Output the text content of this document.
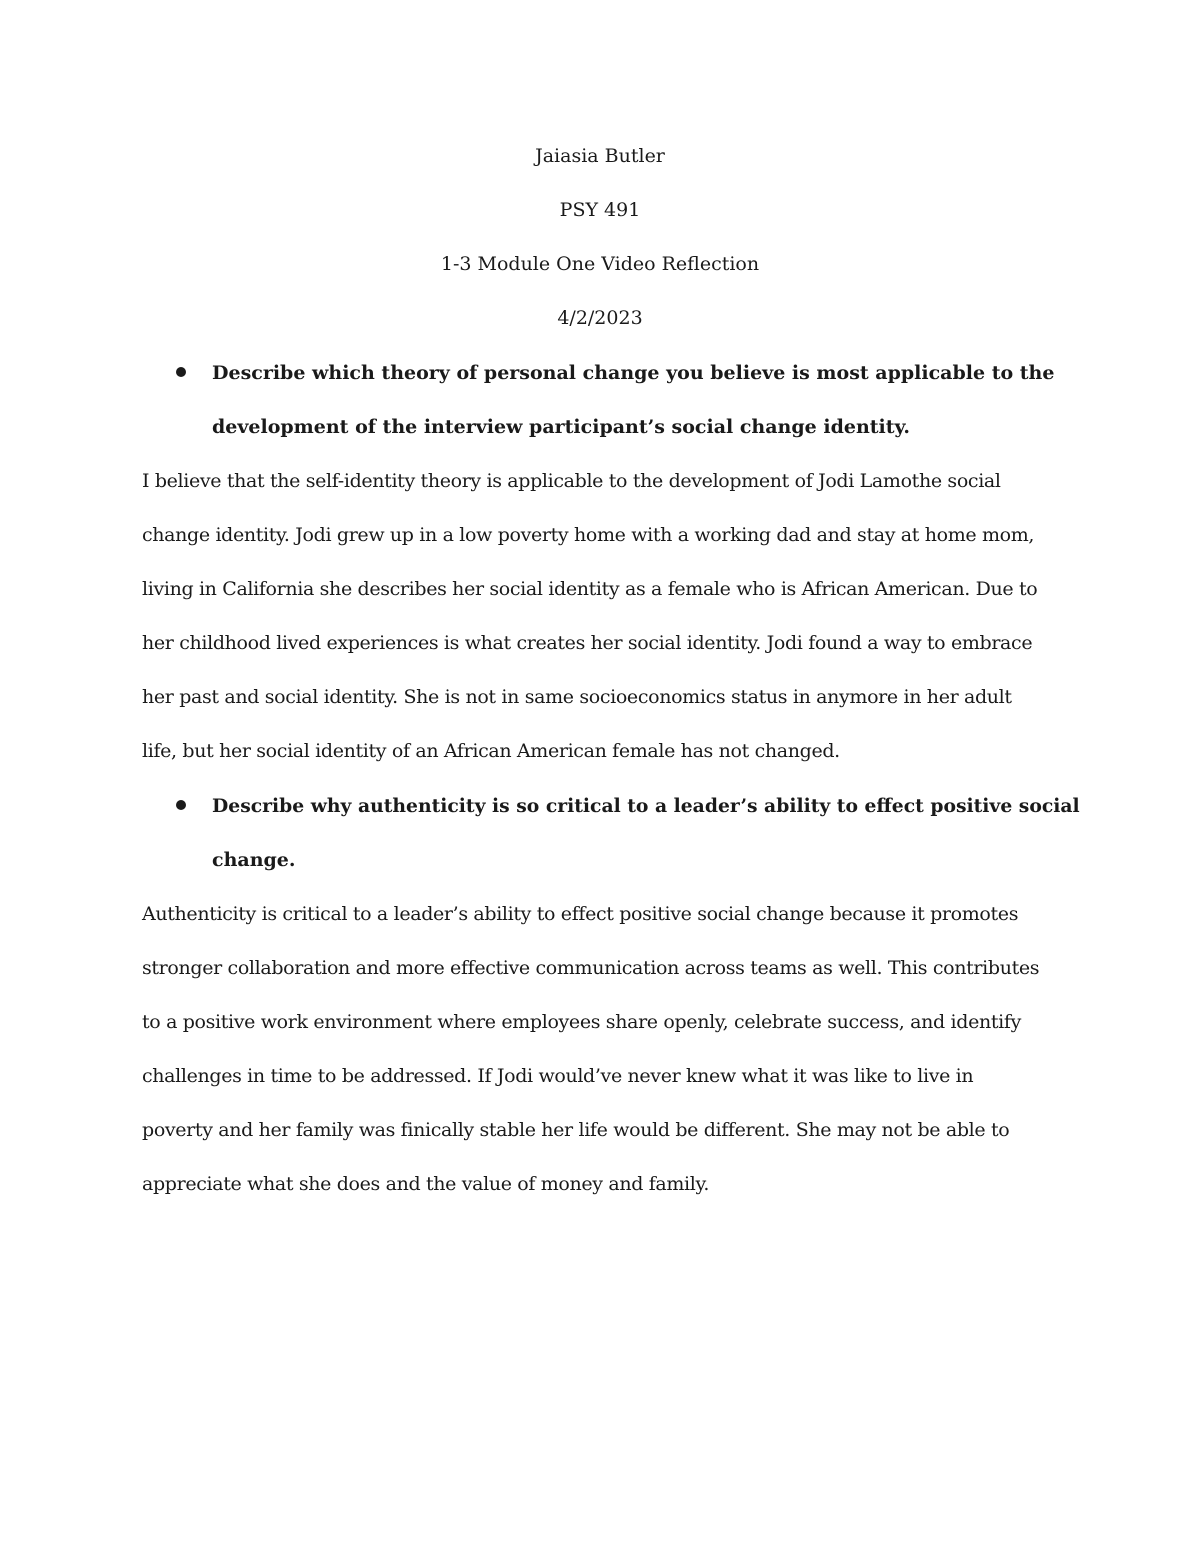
Jaiasia Butler
PSY 491
1-3 Module One Video Reflection
4/2/2023
Describe which theory of personal change you believe is most applicable to the
development of the interview participant’s social change identity.
I believe that the self-identity theory is applicable to the development of Jodi Lamothe social
change identity. Jodi grew up in a low poverty home with a working dad and stay at home mom,
living in California she describes her social identity as a female who is African American. Due to
her childhood lived experiences is what creates her social identity. Jodi found a way to embrace
her past and social identity. She is not in same socioeconomics status in anymore in her adult
life, but her social identity of an African American female has not changed.
Describe why authenticity is so critical to a leader’s ability to effect positive social
change.
Authenticity is critical to a leader’s ability to effect positive social change because it promotes
stronger collaboration and more effective communication across teams as well. This contributes
to a positive work environment where employees share openly, celebrate success, and identify
challenges in time to be addressed. If Jodi would’ve never knew what it was like to live in
poverty and her family was finically stable her life would be different. She may not be able to
appreciate what she does and the value of money and family.
